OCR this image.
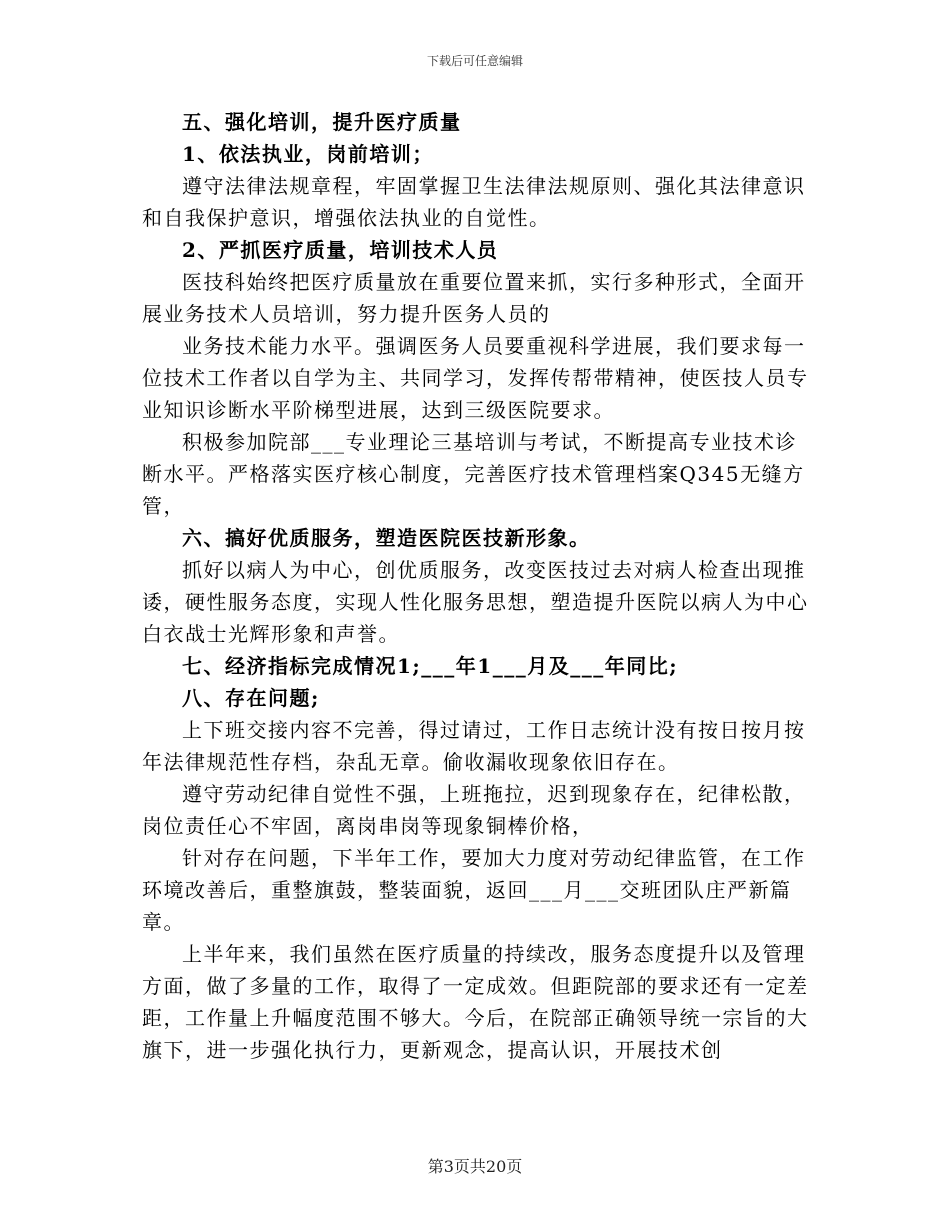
下载后可任意编辑

五、强化培训，提升医疗质量

1、依法执业，岗前培训；

遵守法律法规章程，牢固掌握卫生法律法规原则、强化其法律意识和自我保护意识，增强依法执业的自觉性。

2、严抓医疗质量，培训技术人员

医技科始终把医疗质量放在重要位置来抓，实行多种形式，全面开展业务技术人员培训，努力提升医务人员的

业务技术能力水平。强调医务人员要重视科学进展，我们要求每一位技术工作者以自学为主、共同学习，发挥传帮带精神，使医技人员专业知识诊断水平阶梯型进展，达到三级医院要求。

积极参加院部___专业理论三基培训与考试，不断提高专业技术诊断水平。严格落实医疗核心制度，完善医疗技术管理档案Q345无缝方管，

六、搞好优质服务，塑造医院医技新形象。

抓好以病人为中心，创优质服务，改变医技过去对病人检查出现推诿，硬性服务态度，实现人性化服务思想，塑造提升医院以病人为中心白衣战士光辉形象和声誉。

七、经济指标完成情况1;___年1___月及___年同比;

八、存在问题;

上下班交接内容不完善，得过请过，工作日志统计没有按日按月按年法律规范性存档，杂乱无章。偷收漏收现象依旧存在。

遵守劳动纪律自觉性不强，上班拖拉，迟到现象存在，纪律松散，岗位责任心不牢固，离岗串岗等现象铜棒价格，

针对存在问题，下半年工作，要加大力度对劳动纪律监管，在工作环境改善后，重整旗鼓，整装面貌，返回___月___交班团队庄严新篇章。

上半年来，我们虽然在医疗质量的持续改，服务态度提升以及管理方面，做了多量的工作，取得了一定成效。但距院部的要求还有一定差距，工作量上升幅度范围不够大。今后，在院部正确领导统一宗旨的大旗下，进一步强化执行力，更新观念，提高认识，开展技术创

第3页共20页
